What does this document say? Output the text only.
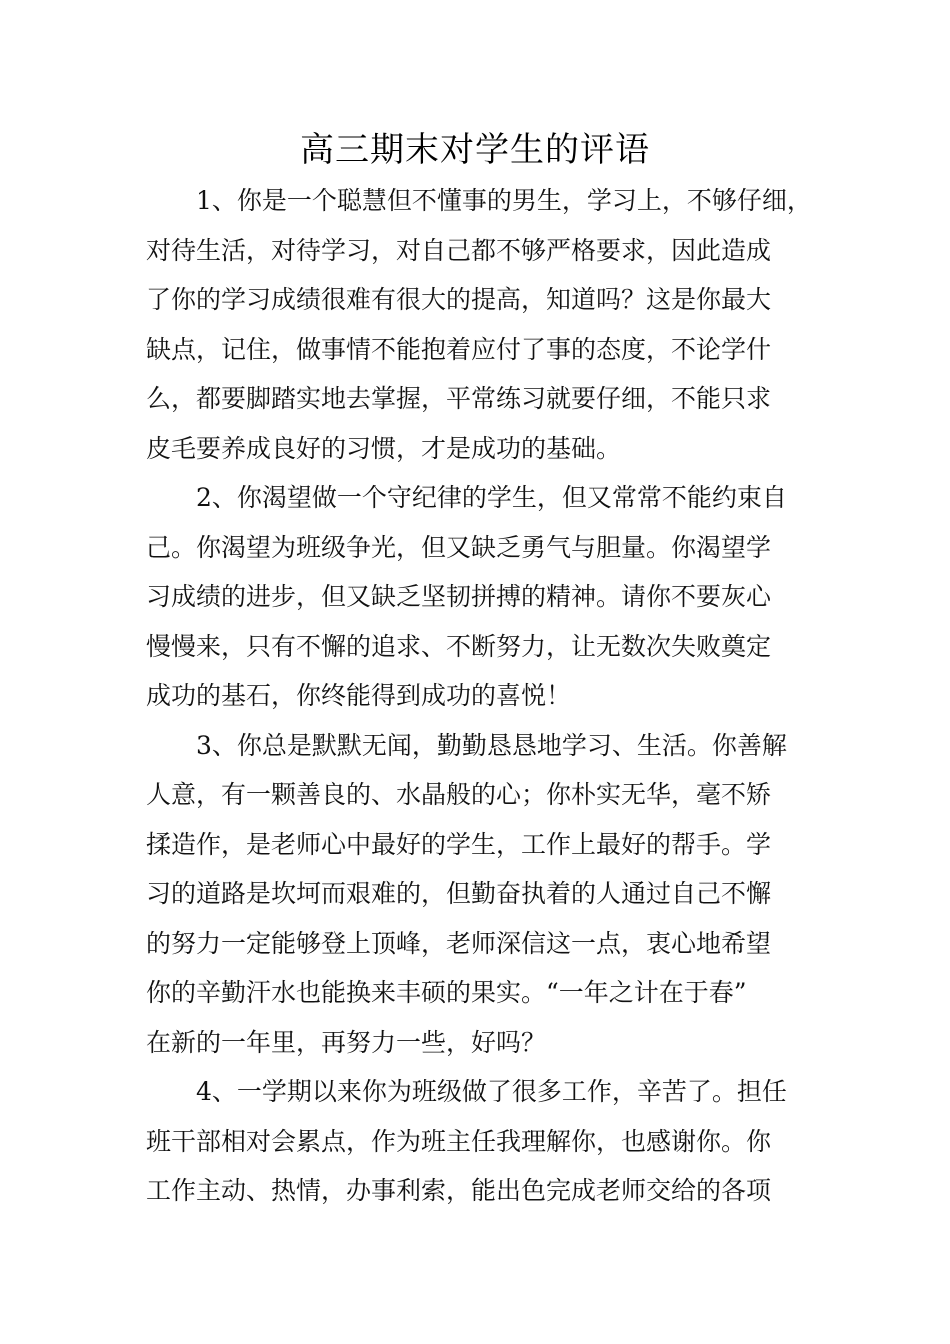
高三期末对学生的评语
1、你是一个聪慧但不懂事的男生，学习上，不够仔细，
对待生活，对待学习，对自己都不够严格要求，因此造成
了你的学习成绩很难有很大的提高，知道吗？这是你最大
缺点，记住，做事情不能抱着应付了事的态度，不论学什
么，都要脚踏实地去掌握，平常练习就要仔细，不能只求
皮毛要养成良好的习惯，才是成功的基础。
2、你渴望做一个守纪律的学生，但又常常不能约束自
己。你渴望为班级争光，但又缺乏勇气与胆量。你渴望学
习成绩的进步，但又缺乏坚韧拼搏的精神。请你不要灰心
慢慢来，只有不懈的追求、不断努力，让无数次失败奠定
成功的基石，你终能得到成功的喜悦！
3、你总是默默无闻，勤勤恳恳地学习、生活。你善解
人意，有一颗善良的、水晶般的心；你朴实无华，毫不矫
揉造作，是老师心中最好的学生，工作上最好的帮手。学
习的道路是坎坷而艰难的，但勤奋执着的人通过自己不懈
的努力一定能够登上顶峰，老师深信这一点，衷心地希望
你的辛勤汗水也能换来丰硕的果实。“一年之计在于春”
在新的一年里，再努力一些，好吗？
4、一学期以来你为班级做了很多工作，辛苦了。担任
班干部相对会累点，作为班主任我理解你，也感谢你。你
工作主动、热情，办事利索，能出色完成老师交给的各项
